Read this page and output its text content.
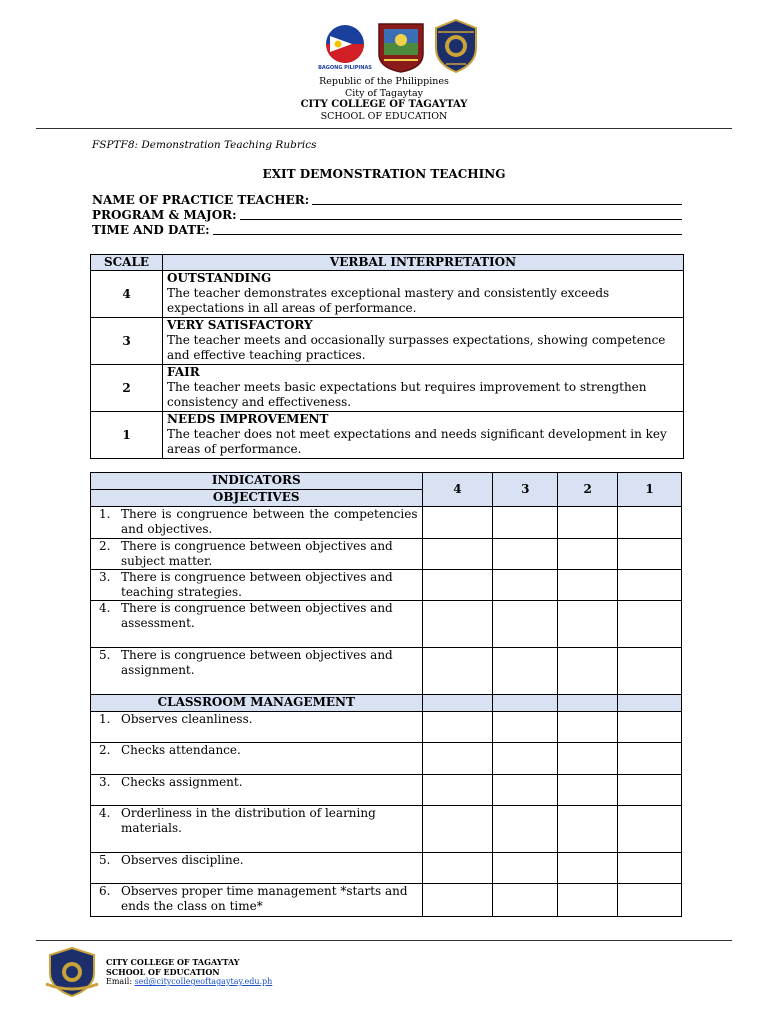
BAGONG PILIPINAS
Republic of the Philippines
City of Tagaytay
CITY COLLEGE OF TAGAYTAY
SCHOOL OF EDUCATION
FSPTF8: Demonstration Teaching Rubrics
EXIT DEMONSTRATION TEACHING
NAME OF PRACTICE TEACHER:
PROGRAM & MAJOR:
TIME AND DATE:
SCALE	VERBAL INTERPRETATION
4	OUTSTANDING
The teacher demonstrates exceptional mastery and consistently exceeds expectations in all areas of performance.
3	VERY SATISFACTORY
The teacher meets and occasionally surpasses expectations, showing competence and effective teaching practices.
2	FAIR
The teacher meets basic expectations but requires improvement to strengthen consistency and effectiveness.
1	NEEDS IMPROVEMENT
The teacher does not meet expectations and needs significant development in key areas of performance.
INDICATORS	4	3	2	1
OBJECTIVES				
1. There is congruence between the competencies and objectives.				
2. There is congruence between objectives and subject matter.				
3. There is congruence between objectives and teaching strategies.				
4. There is congruence between objectives and assessment.				
5. There is congruence between objectives and assignment.				
CLASSROOM MANAGEMENT				
1. Observes cleanliness.				
2. Checks attendance.				
3. Checks assignment.				
4. Orderliness in the distribution of learning materials.				
5. Observes discipline.				
6. Observes proper time management *starts and ends the class on time*				
CITY COLLEGE OF TAGAYTAY
SCHOOL OF EDUCATION
Email: sed@citycollegeoftagaytay.edu.ph
